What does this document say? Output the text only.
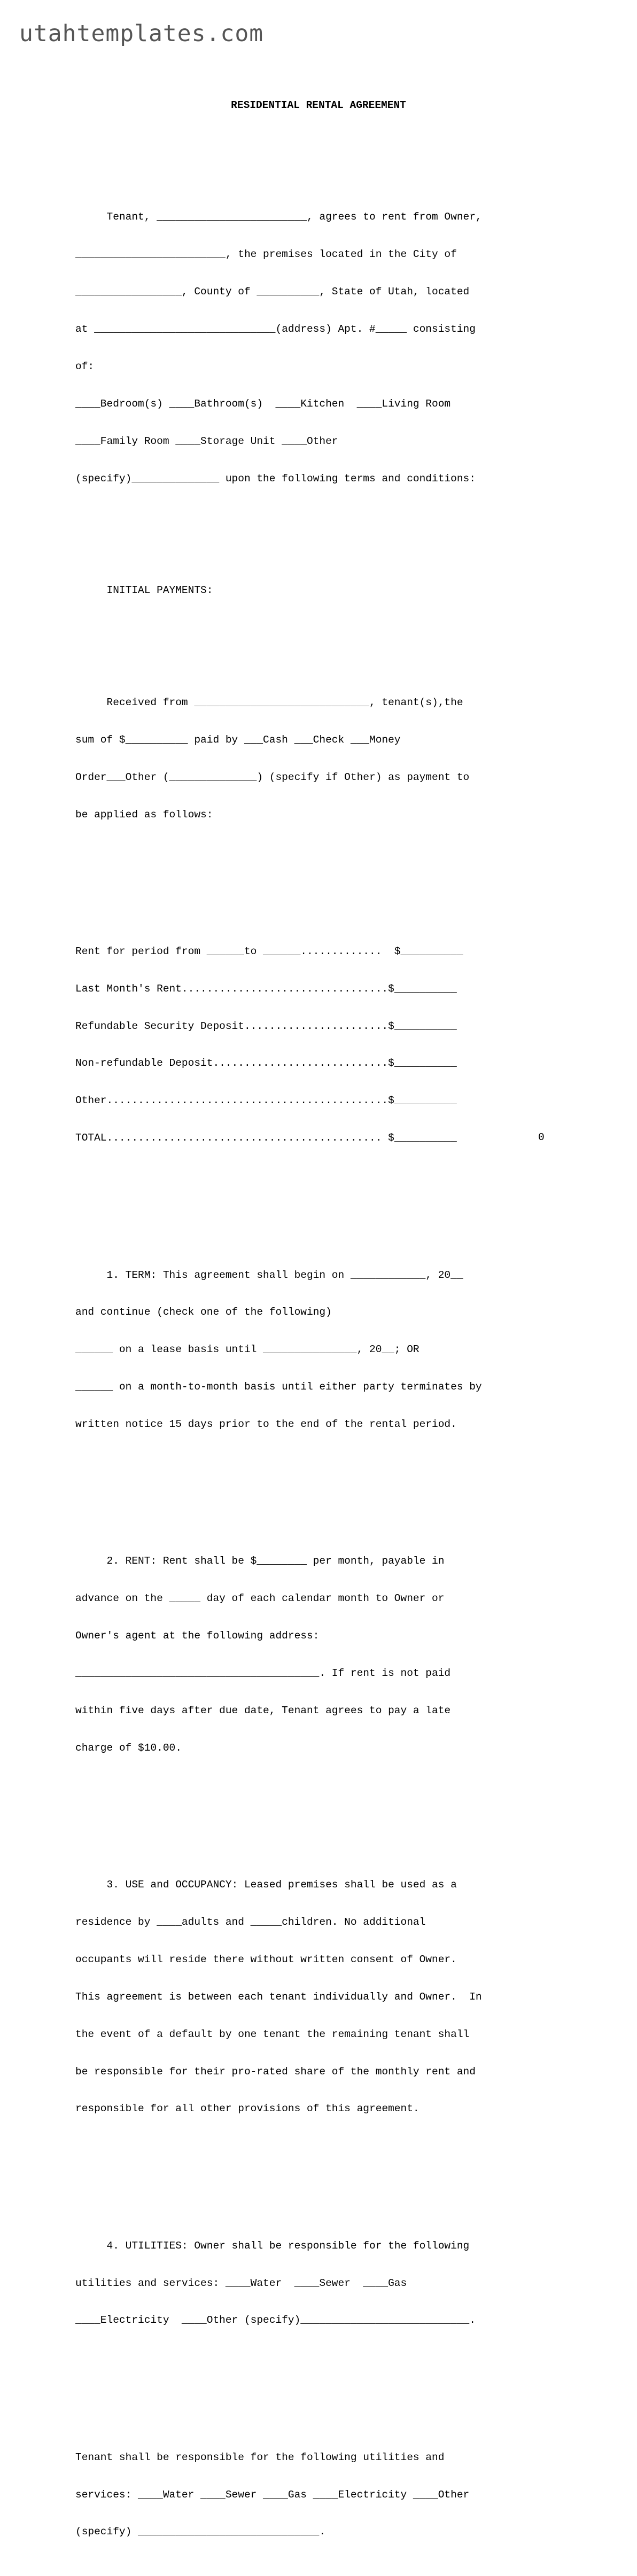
utahtemplates.com

RESIDENTIAL RENTAL AGREEMENT

Tenant, ________________________, agrees to rent from Owner,

________________________, the premises located in the City of

_________________, County of __________, State of Utah, located

at _____________________________(address) Apt. #_____ consisting

of:

____Bedroom(s) ____Bathroom(s)  ____Kitchen  ____Living Room

____Family Room ____Storage Unit ____Other

(specify)______________ upon the following terms and conditions:

INITIAL PAYMENTS:

Received from ____________________________, tenant(s),the

sum of $__________ paid by ___Cash ___Check ___Money

Order___Other (______________) (specify if Other) as payment to

be applied as follows:

Rent for period from ______to ______.............  $__________

Last Month's Rent.................................$__________

Refundable Security Deposit.......................$__________

Non-refundable Deposit............................$__________

Other.............................................$__________

TOTAL............................................ $__________	0

1. TERM: This agreement shall begin on ____________, 20__

and continue (check one of the following)

______ on a lease basis until _______________, 20__; OR

______ on a month-to-month basis until either party terminates by

written notice 15 days prior to the end of the rental period.

2. RENT: Rent shall be $________ per month, payable in

advance on the _____ day of each calendar month to Owner or

Owner's agent at the following address:

_______________________________________. If rent is not paid

within five days after due date, Tenant agrees to pay a late

charge of $10.00.

3. USE and OCCUPANCY: Leased premises shall be used as a

residence by ____adults and _____children. No additional

occupants will reside there without written consent of Owner.

This agreement is between each tenant individually and Owner.  In

the event of a default by one tenant the remaining tenant shall

be responsible for their pro-rated share of the monthly rent and

responsible for all other provisions of this agreement.

4. UTILITIES: Owner shall be responsible for the following

utilities and services: ____Water  ____Sewer  ____Gas

____Electricity  ____Other (specify)___________________________.

Tenant shall be responsible for the following utilities and

services: ____Water ____Sewer ____Gas ____Electricity ____Other

(specify) _____________________________.
